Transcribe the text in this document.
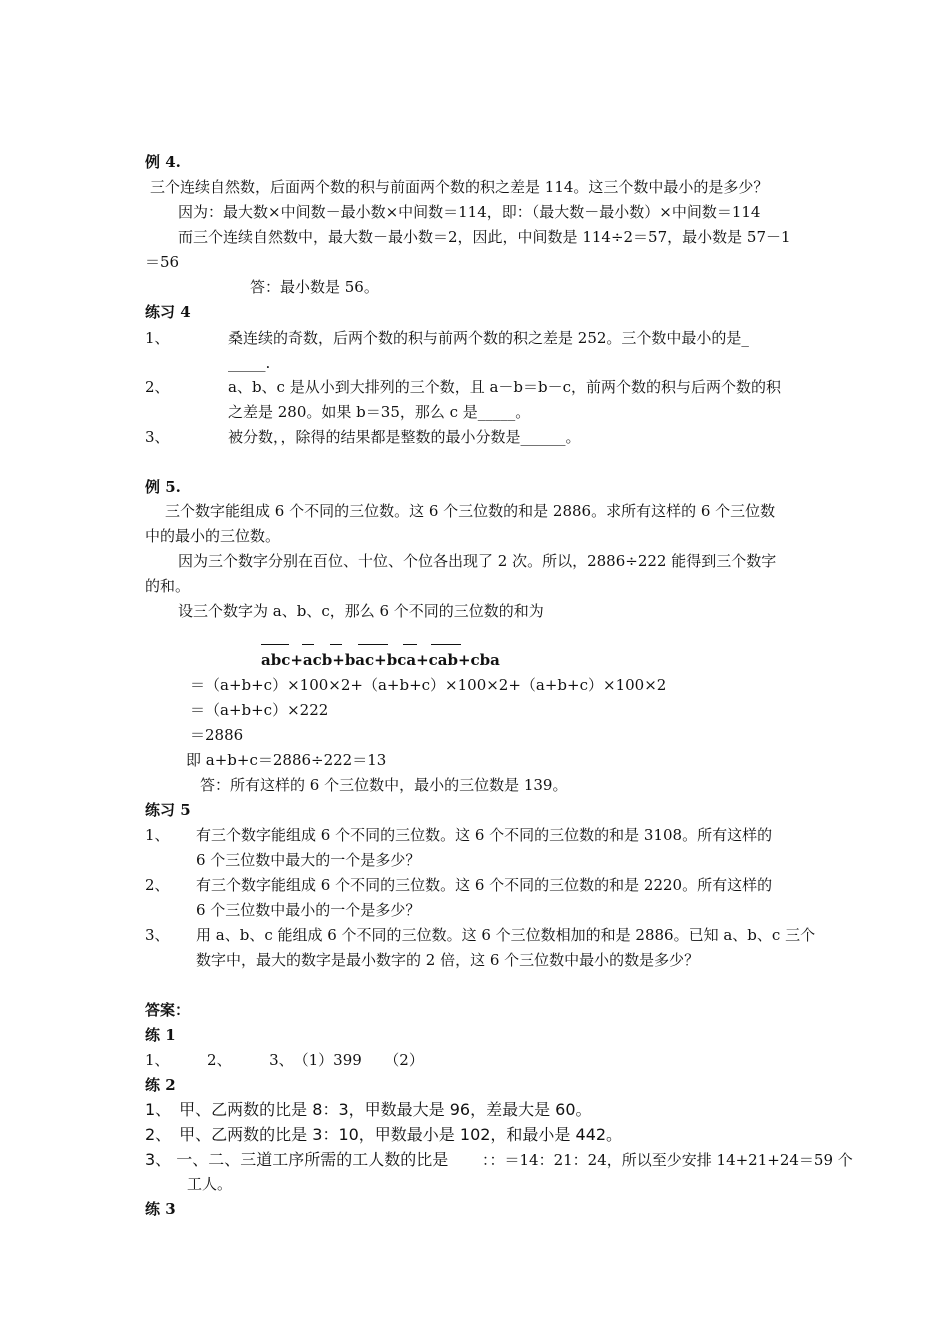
例 4.
三个连续自然数，后面两个数的积与前面两个数的积之差是 114。这三个数中最小的是多少？
因为：最大数×中间数－最小数×中间数＝114，即：（最大数－最小数）×中间数＝114
而三个连续自然数中，最大数－最小数＝2，因此，中间数是 114÷2＝57，最小数是 57－1
＝56
答：最小数是 56。
练习 4
1、	桑连续的奇数，后两个数的积与前两个数的积之差是 252。三个数中最小的是_
_____.
2、	a、b、c 是从小到大排列的三个数，且 a－b＝b－c，前两个数的积与后两个数的积
之差是 280。如果 b＝35，那么 c 是_____。
3、	被分数，，除得的结果都是整数的最小分数是______。
例 5.
三个数字能组成 6 个不同的三位数。这 6 个三位数的和是 2886。求所有这样的 6 个三位数
中的最小的三位数。
因为三个数字分别在百位、十位、个位各出现了 2 次。所以，2886÷222 能得到三个数字
的和。
设三个数字为 a、b、c，那么 6 个不同的三位数的和为
abc+acb+bac+bca+cab+cba
＝（a+b+c）×100×2+（a+b+c）×100×2+（a+b+c）×100×2
＝（a+b+c）×222
＝2886
即 a+b+c＝2886÷222＝13
答：所有这样的 6 个三位数中，最小的三位数是 139。
练习 5
1、 有三个数字能组成 6 个不同的三位数。这 6 个不同的三位数的和是 3108。所有这样的
6 个三位数中最大的一个是多少？
2、 有三个数字能组成 6 个不同的三位数。这 6 个不同的三位数的和是 2220。所有这样的
6 个三位数中最小的一个是多少？
3、 用 a、b、c 能组成 6 个不同的三位数。这 6 个三位数相加的和是 2886。已知 a、b、c 三个
数字中，最大的数字是最小数字的 2 倍，这 6 个三位数中最小的数是多少？
答案：
练 1
1、　　　2、　　　3、　（1）399　　（2）
练 2
1、　甲、乙两数的比是 8：3，甲数最大是 96，差最大是 60。
2、　甲、乙两数的比是 3：10，甲数最小是 102，和最小是 442。
3、 一、二、三道工序所需的工人数的比是 ：：＝14：21：24，所以至少安排 14+21+24＝59 个
工人。
练 3
